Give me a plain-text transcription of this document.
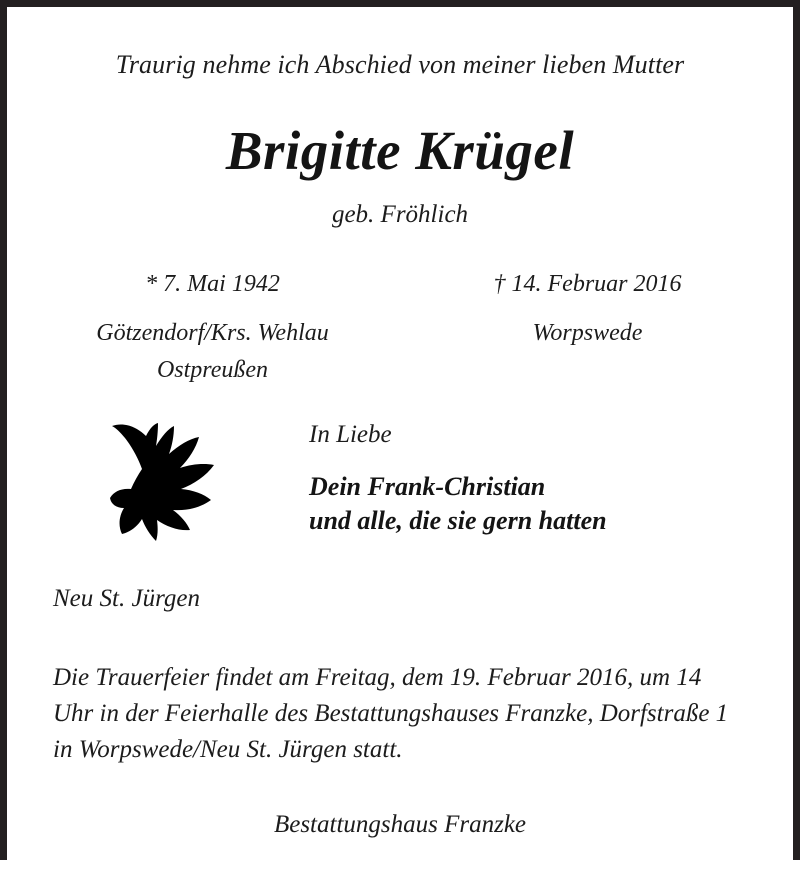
Traurig nehme ich Abschied von meiner lieben Mutter
Brigitte Krügel
geb. Fröhlich
* 7. Mai 1942
Götzendorf/Krs. Wehlau
Ostpreußen
† 14. Februar 2016
Worpswede
In Liebe
Dein Frank-Christian
und alle, die sie gern hatten
Neu St. Jürgen
Die Trauerfeier findet am Freitag, dem 19. Februar 2016, um 14 Uhr in der Feierhalle des Bestattungshauses Franzke, Dorfstraße 1 in Worpswede/Neu St. Jürgen statt.
Bestattungshaus Franzke
